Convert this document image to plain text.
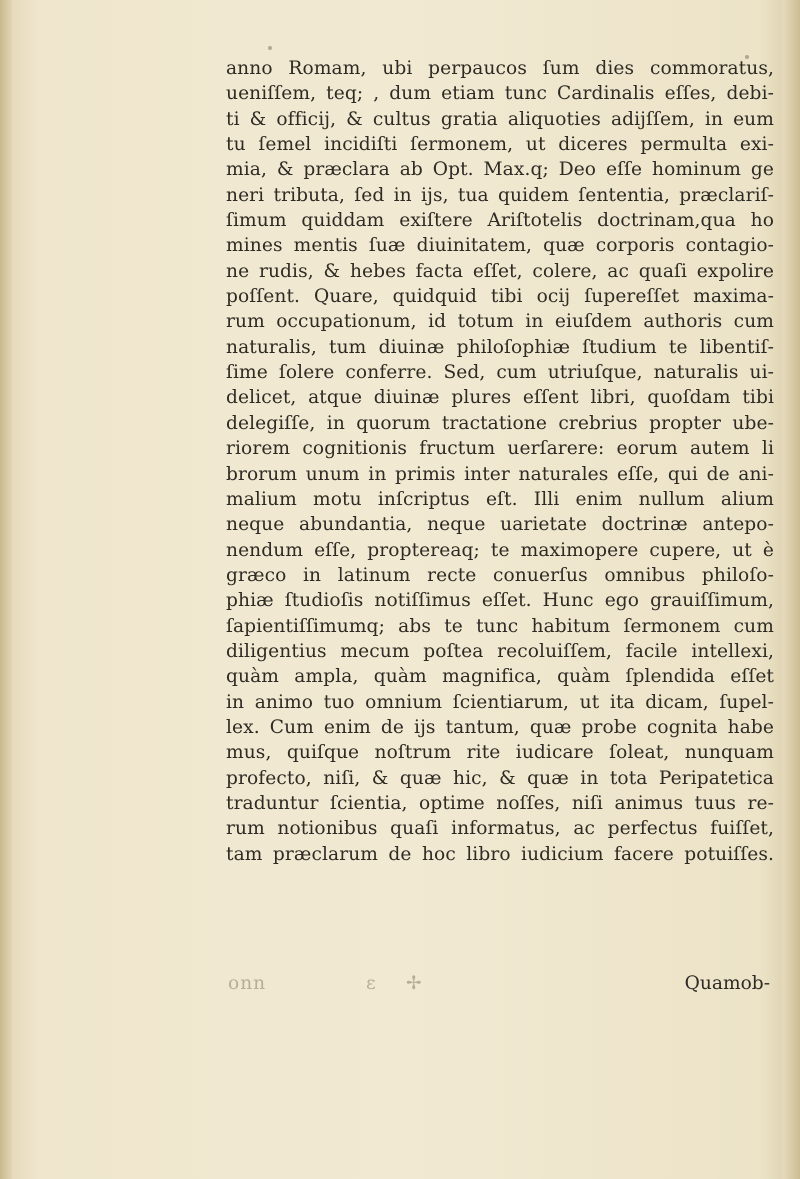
anno Romam, ubi perpaucos ſum dies commoratus,
ueniſſem, teq; , dum etiam tunc Cardinalis eſſes, debi-
ti & officij, & cultus gratia aliquoties adijſſem, in eum
tu ſemel incidiſti ſermonem, ut diceres permulta exi-
mia, & præclara ab Opt. Max.q; Deo eſſe hominum ge
neri tributa, ſed in ijs, tua quidem ſententia, præclariſ-
ſimum quiddam exiſtere Ariſtotelis doctrinam,qua ho
mines mentis ſuæ diuinitatem, quæ corporis contagio-
ne rudis, & hebes facta eſſet, colere, ac quaſi expolire
poſſent. Quare, quidquid tibi ocij ſupereſſet maxima-
rum occupationum, id totum in eiuſdem authoris cum
naturalis, tum diuinæ philoſophiæ ſtudium te libentiſ-
ſime ſolere conferre. Sed, cum utriuſque, naturalis ui-
delicet, atque diuinæ plures eſſent libri, quoſdam tibi
delegiſſe, in quorum tractatione crebrius propter ube-
riorem cognitionis fructum uerſarere: eorum autem li
brorum unum in primis inter naturales eſſe, qui de ani-
malium motu inſcriptus eſt. Illi enim nullum alium
neque abundantia, neque uarietate doctrinæ antepo-
nendum eſſe, proptereaq; te maximopere cupere, ut è
græco in latinum recte conuerſus omnibus philoſo-
phiæ ſtudioſis notiſſimus eſſet. Hunc ego grauiſſimum,
ſapientiſſimumq; abs te tunc habitum ſermonem cum
diligentius mecum poſtea recoluiſſem, facile intellexi,
quàm ampla, quàm magnifica, quàm ſplendida eſſet
in animo tuo omnium ſcientiarum, ut ita dicam, ſupel-
lex. Cum enim de ijs tantum, quæ probe cognita habe
mus, quiſque noſtrum rite iudicare ſoleat, nunquam
profecto, niſi, & quæ hic, & quæ in tota Peripatetica
traduntur ſcientia, optime noſſes, niſi animus tuus re-
rum notionibus quaſi informatus, ac perfectus fuiſſet,
tam præclarum de hoc libro iudicium facere potuiſſes.
onn	ε ✢	Quamob-
